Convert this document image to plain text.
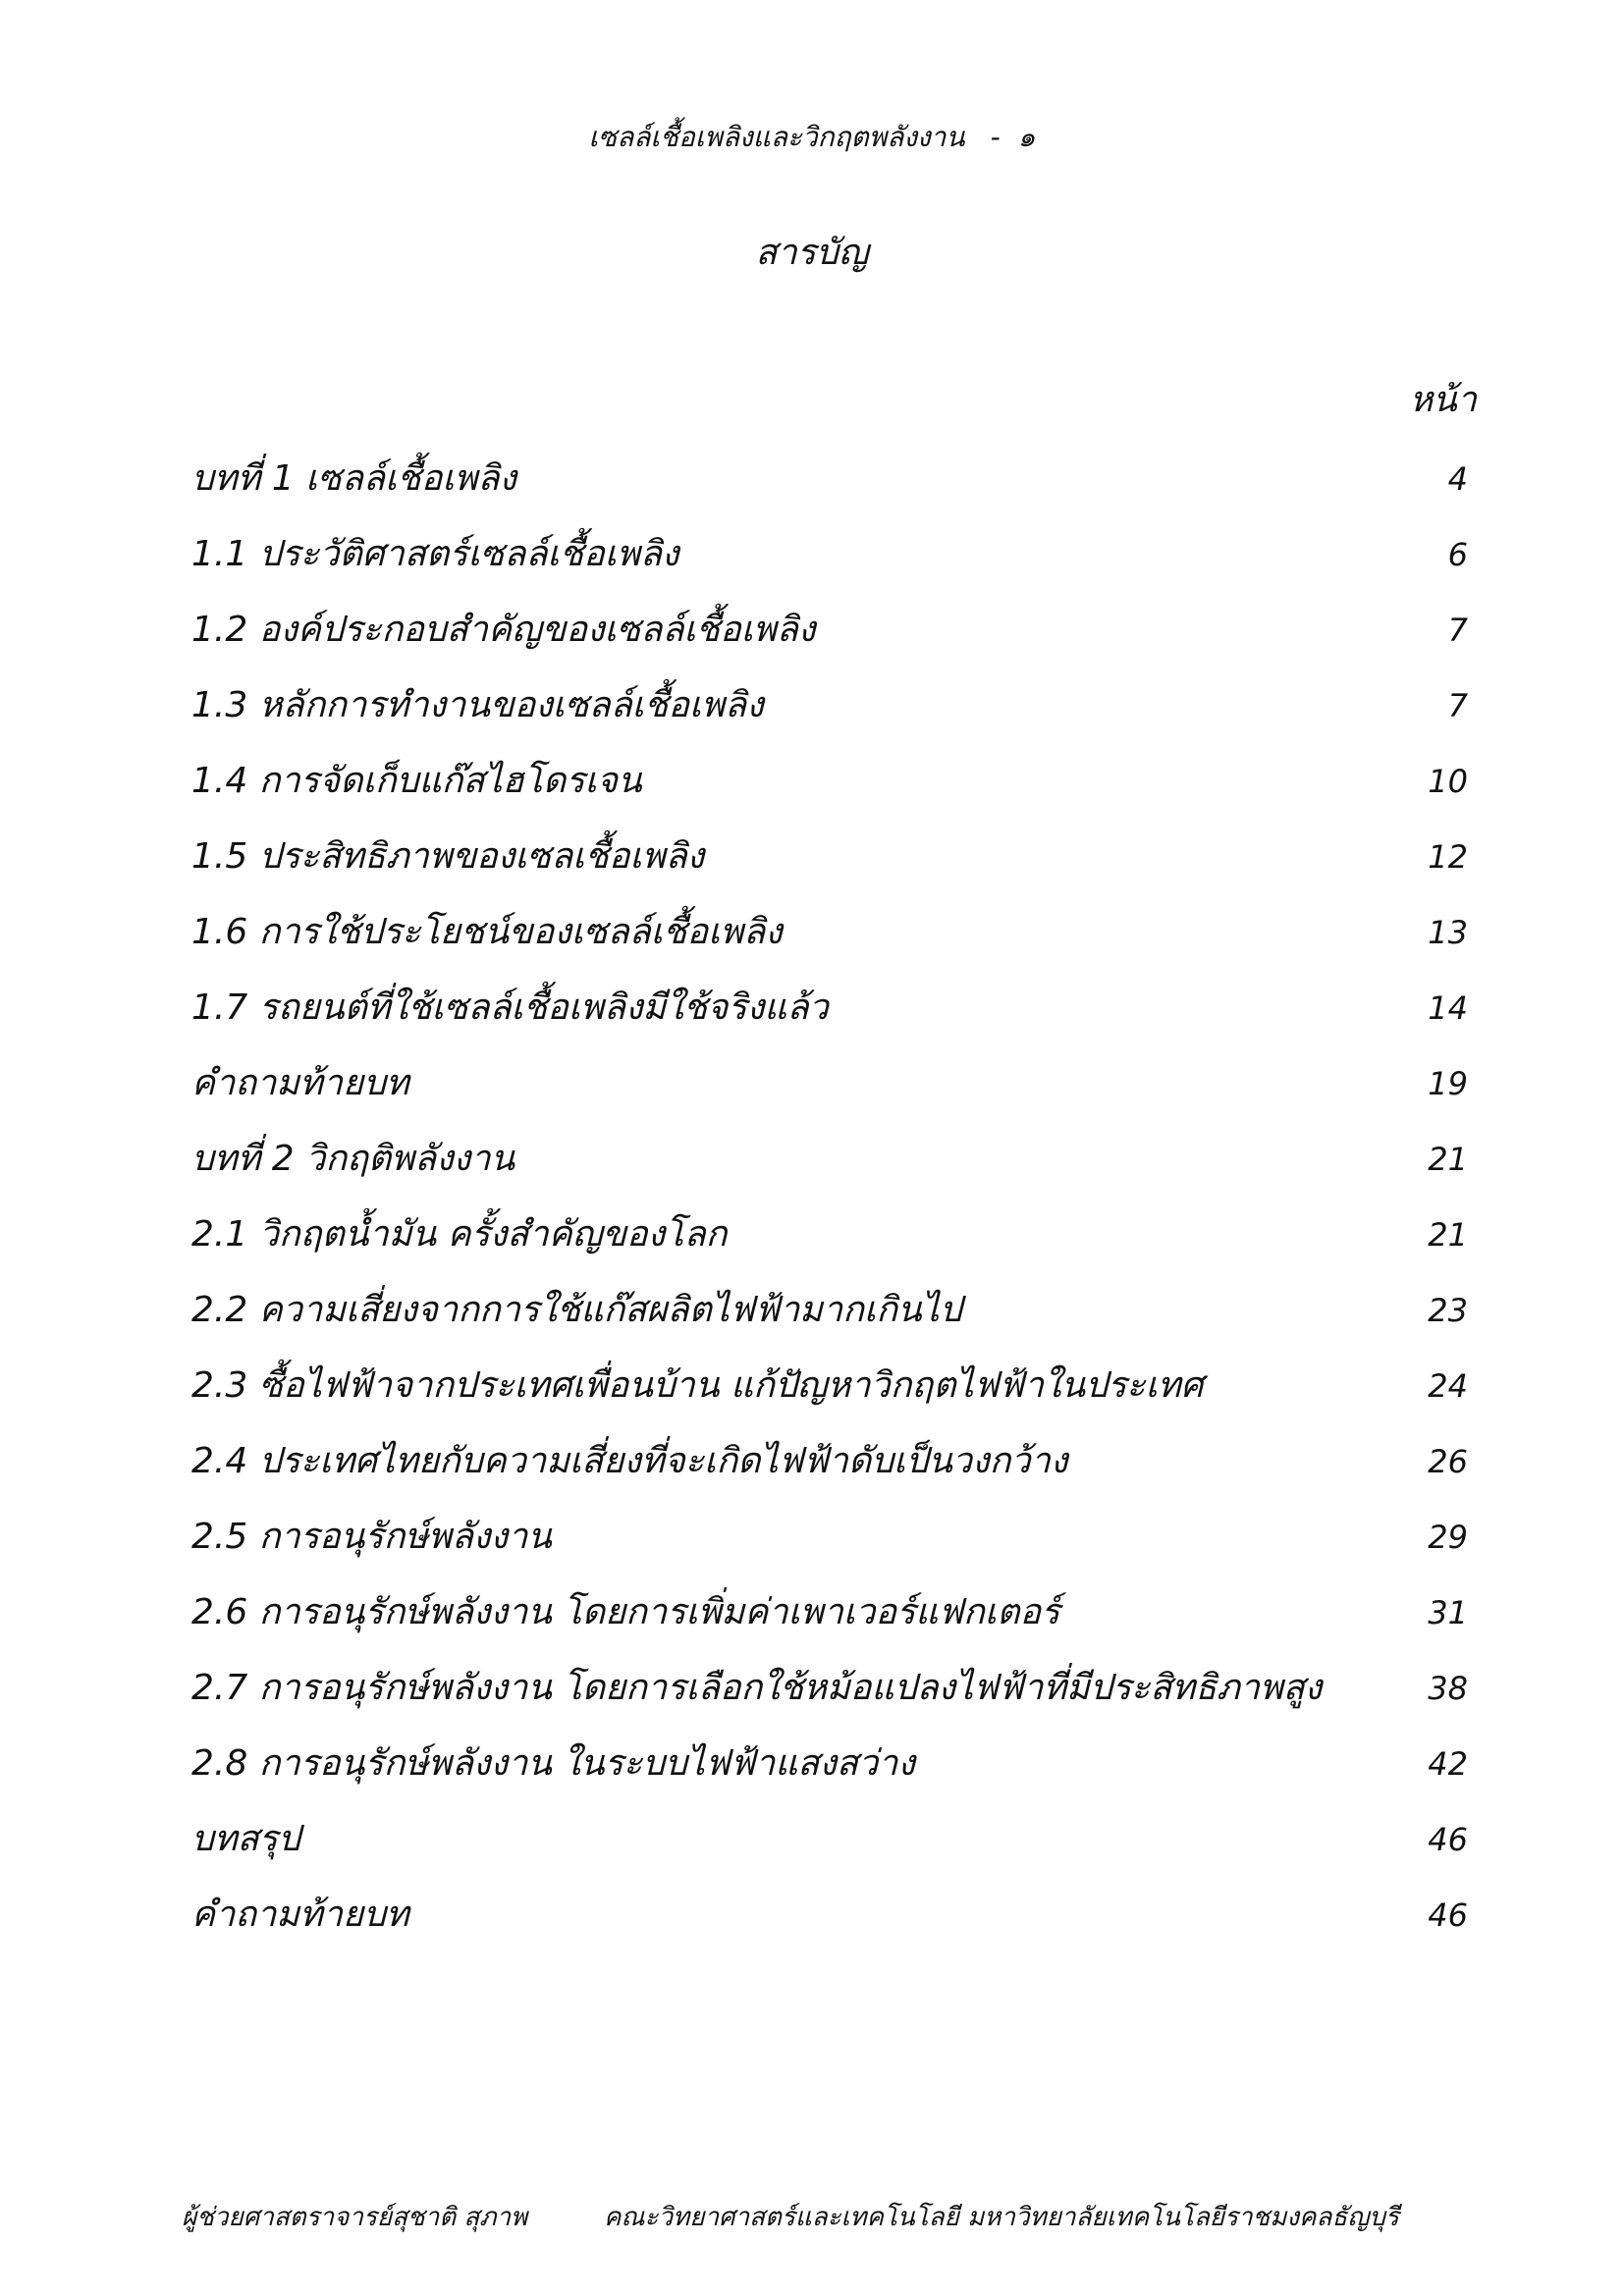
เซลล์เชื้อเพลิงและวิกฤตพลังงาน - ๑
สารบัญ
หน้า
บทที่ 1 เซลล์เชื้อเพลิง	4
1.1 ประวัติศาสตร์เซลล์เชื้อเพลิง	6
1.2 องค์ประกอบสำคัญของเซลล์เชื้อเพลิง	7
1.3 หลักการทำงานของเซลล์เชื้อเพลิง	7
1.4 การจัดเก็บแก๊สไฮโดรเจน	10
1.5 ประสิทธิภาพของเซลเชื้อเพลิง	12
1.6 การใช้ประโยชน์ของเซลล์เชื้อเพลิง	13
1.7 รถยนต์ที่ใช้เซลล์เชื้อเพลิงมีใช้จริงแล้ว	14
คำถามท้ายบท	19
บทที่ 2 วิกฤติพลังงาน	21
2.1 วิกฤตน้ำมัน ครั้งสำคัญของโลก	21
2.2 ความเสี่ยงจากการใช้แก๊สผลิตไฟฟ้ามากเกินไป	23
2.3 ซื้อไฟฟ้าจากประเทศเพื่อนบ้าน แก้ปัญหาวิกฤตไฟฟ้าในประเทศ	24
2.4 ประเทศไทยกับความเสี่ยงที่จะเกิดไฟฟ้าดับเป็นวงกว้าง	26
2.5 การอนุรักษ์พลังงาน	29
2.6 การอนุรักษ์พลังงาน โดยการเพิ่มค่าเพาเวอร์แฟกเตอร์	31
2.7 การอนุรักษ์พลังงาน โดยการเลือกใช้หม้อแปลงไฟฟ้าที่มีประสิทธิภาพสูง	38
2.8 การอนุรักษ์พลังงาน ในระบบไฟฟ้าแสงสว่าง	42
บทสรุป	46
คำถามท้ายบท	46
ผู้ช่วยศาสตราจารย์สุชาติ สุภาพ	คณะวิทยาศาสตร์และเทคโนโลยี มหาวิทยาลัยเทคโนโลยีราชมงคลธัญบุรี
